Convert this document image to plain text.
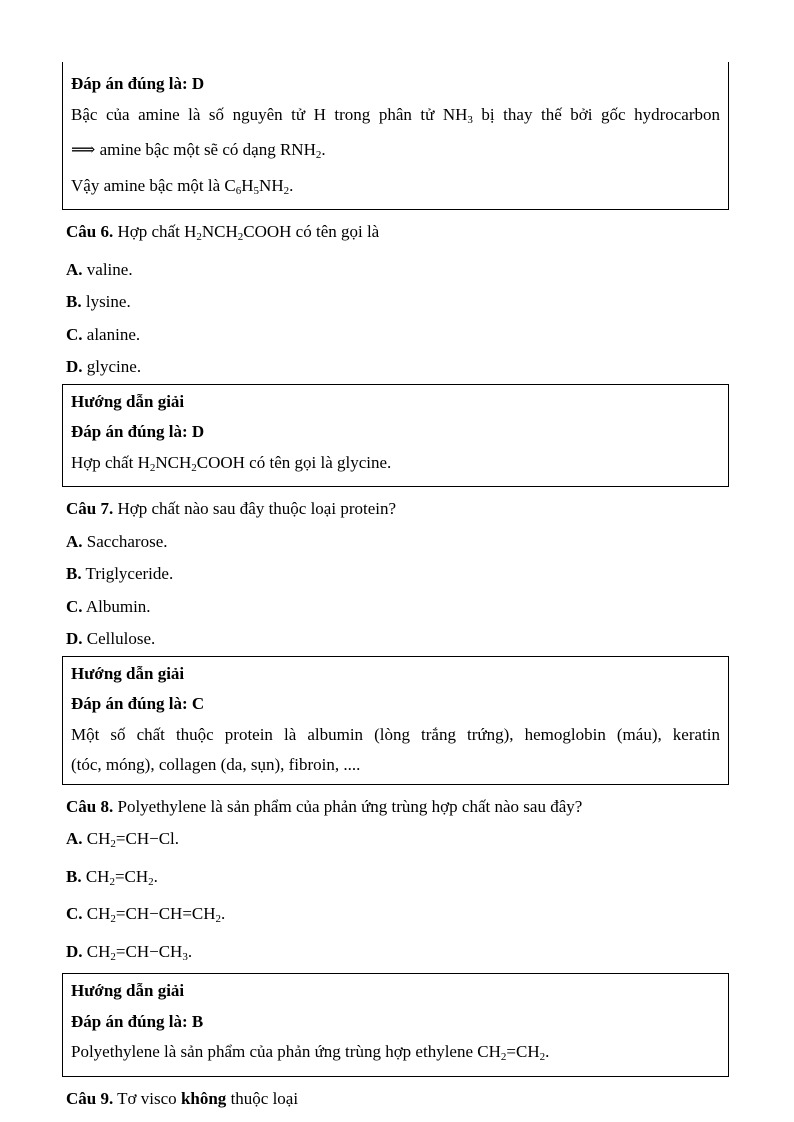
Đáp án đúng là: D
Bậc của amine là số nguyên tử H trong phân tử $NH_3$ bị thay thế bởi gốc hydrocarbon
⟹ amine bậc một sẽ có dạng $RNH_2$.
Vậy amine bậc một là $C_6H_5NH_2$.
Câu 6. Hợp chất $H_2NCH_2COOH$ có tên gọi là
A. valine.
B. lysine.
C. alanine.
D. glycine.
Hướng dẫn giải
Đáp án đúng là: D
Hợp chất $H_2NCH_2COOH$ có tên gọi là glycine.
Câu 7. Hợp chất nào sau đây thuộc loại protein?
A. Saccharose.
B. Triglyceride.
C. Albumin.
D. Cellulose.
Hướng dẫn giải
Đáp án đúng là: C
Một số chất thuộc protein là albumin (lòng trắng trứng), hemoglobin (máu), keratin
(tóc, móng), collagen (da, sụn), fibroin, ....
Câu 8. Polyethylene là sản phẩm của phản ứng trùng hợp chất nào sau đây?
A. $CH_2=CH-Cl$.
B. $CH_2=CH_2$.
C. $CH_2=CH-CH=CH_2$.
D. $CH_2=CH-CH_3$.
Hướng dẫn giải
Đáp án đúng là: B
Polyethylene là sản phẩm của phản ứng trùng hợp ethylene $CH_2=CH_2$.
Câu 9. Tơ visco không thuộc loại
